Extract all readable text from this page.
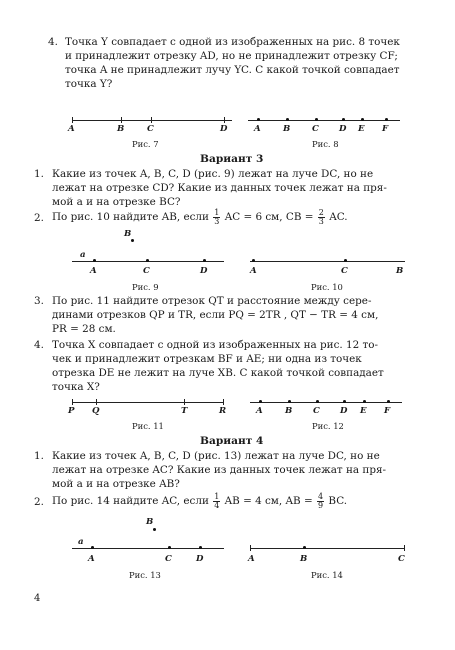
4. Точка Y совпадает с одной из изображенных на рис. 8 точек
и принадлежит отрезку AD, но не принадлежит отрезку CF;
точка A не принадлежит лучу YC. С какой точкой совпадает
точка Y?
A	B	C	D
Рис. 7
A	B	C D E F
Рис. 8
Вариант 3
1. Какие из точек A, B, C, D (рис. 9) лежат на луче DC, но не
лежат на отрезке CD? Какие из данных точек лежат на пря-
мой a и на отрезке BC?
2. По рис. 10 найдите AB, если $\frac{1}{3}$ AC = 6 см, CB = $\frac{2}{3}$ AC.
B
a
A	C	D
Рис. 9
A	C	B
Рис. 10
3. По рис. 11 найдите отрезок QT и расстояние между сере-
динами отрезков QP и TR, если PQ = 2TR , QT − TR = 4 см,
PR = 28 см.
4. Точка X совпадает с одной из изображенных на рис. 12 то-
чек и принадлежит отрезкам BF и AE; ни одна из точек
отрезка DE не лежит на луче XB. С какой точкой совпадает
точка X?
P Q	T	R
Рис. 11
A	B C D E F
Рис. 12
Вариант 4
1. Какие из точек A, B, C, D (рис. 13) лежат на луче DC, но не
лежат на отрезке AC? Какие из данных точек лежат на пря-
мой a и на отрезке AB?
2. По рис. 14 найдите AC, если $\frac{1}{4}$ AB = 4 см, AB = $\frac{4}{9}$ BC.
B
a
A	C	D
Рис. 13
A	B	C
Рис. 14
4
